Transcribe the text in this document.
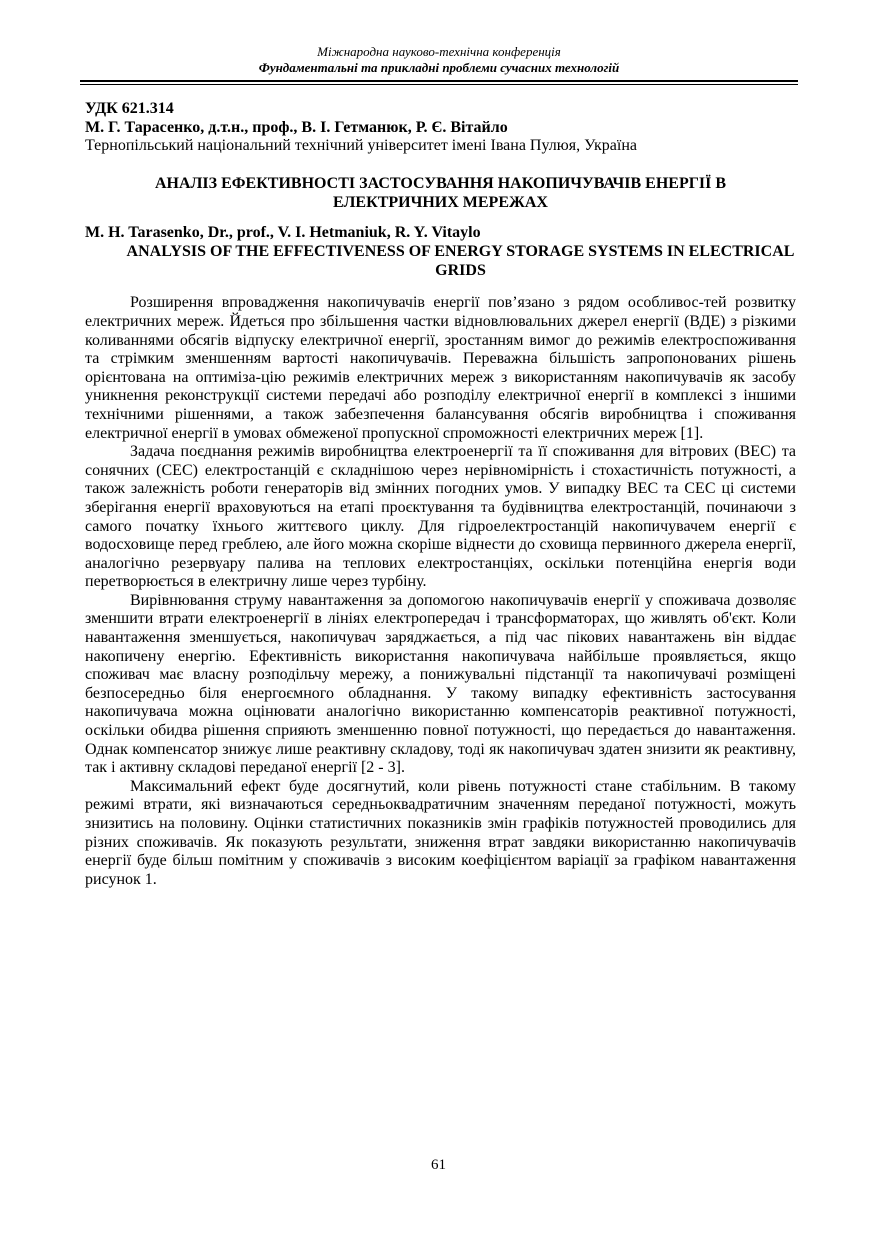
Міжнародна науково-технічна конференція
Фундаментальні та прикладні проблеми сучасних технологій
УДК 621.314
М. Г. Тарасенко, д.т.н., проф., В. І. Гетманюк, Р. Є. Вітайло
Тернопільський національний технічний університет імені Івана Пулюя, Україна
АНАЛІЗ ЕФЕКТИВНОСТІ ЗАСТОСУВАННЯ НАКОПИЧУВАЧІВ ЕНЕРГІЇ В ЕЛЕКТРИЧНИХ МЕРЕЖАХ
M. H. Tarasenko, Dr., prof., V. I. Hetmaniuk, R. Y. Vitaylo
ANALYSIS OF THE EFFECTIVENESS OF ENERGY STORAGE SYSTEMS IN ELECTRICAL GRIDS

Розширення впровадження накопичувачів енергії пов’язано з рядом особливос-тей розвитку електричних мереж. Йдеться про збільшення частки відновлювальних джерел енергії (ВДЕ) з різкими коливаннями обсягів відпуску електричної енергії, зростанням вимог до режимів електроспоживання та стрімким зменшенням вартості накопичувачів. Переважна більшість запропонованих рішень орієнтована на оптиміза-цію режимів електричних мереж з використанням накопичувачів як засобу уникнення реконструкції системи передачі або розподілу електричної енергії в комплексі з іншими технічними рішеннями, а також забезпечення балансування обсягів виробництва і споживання електричної енергії в умовах обмеженої пропускної спроможності електричних мереж [1].

Задача поєднання режимів виробництва електроенергії та її споживання для вітрових (ВЕС) та сонячних (СЕС) електростанцій є складнішою через нерівномірність і стохастичність потужності, а також залежність роботи генераторів від змінних погодних умов. У випадку ВЕС та СЕС ці системи зберігання енергії враховуються на етапі проєктування та будівництва електростанцій, починаючи з самого початку їхнього життєвого циклу. Для гідроелектростанцій накопичувачем енергії є водосховище перед греблею, але його можна скоріше віднести до сховища первинного джерела енергії, аналогічно резервуару палива на теплових електростанціях, оскільки потенційна енергія води перетворюється в електричну лише через турбіну.

Вирівнювання струму навантаження за допомогою накопичувачів енергії у споживача дозволяє зменшити втрати електроенергії в лініях електропередач і трансформаторах, що живлять об'єкт. Коли навантаження зменшується, накопичувач заряджається, а під час пікових навантажень він віддає накопичену енергію. Ефективність використання накопичувача найбільше проявляється, якщо споживач має власну розподільчу мережу, а понижувальні підстанції та накопичувачі розміщені безпосередньо біля енергоємного обладнання. У такому випадку ефективність застосування накопичувача можна оцінювати аналогічно використанню компенсаторів реактивної потужності, оскільки обидва рішення сприяють зменшенню повної потужності, що передається до навантаження. Однак компенсатор знижує лише реактивну складову, тоді як накопичувач здатен знизити як реактивну, так і активну складові переданої енергії [2 - 3].

Максимальний ефект буде досягнутий, коли рівень потужності стане стабільним. В такому режимі втрати, які визначаються середньоквадратичним значенням переданої потужності, можуть знизитись на половину. Оцінки статистичних показників змін графіків потужностей проводились для різних споживачів. Як показують результати, зниження втрат завдяки використанню накопичувачів енергії буде більш помітним у споживачів з високим коефіцієнтом варіації за графіком навантаження рисунок 1.

61
